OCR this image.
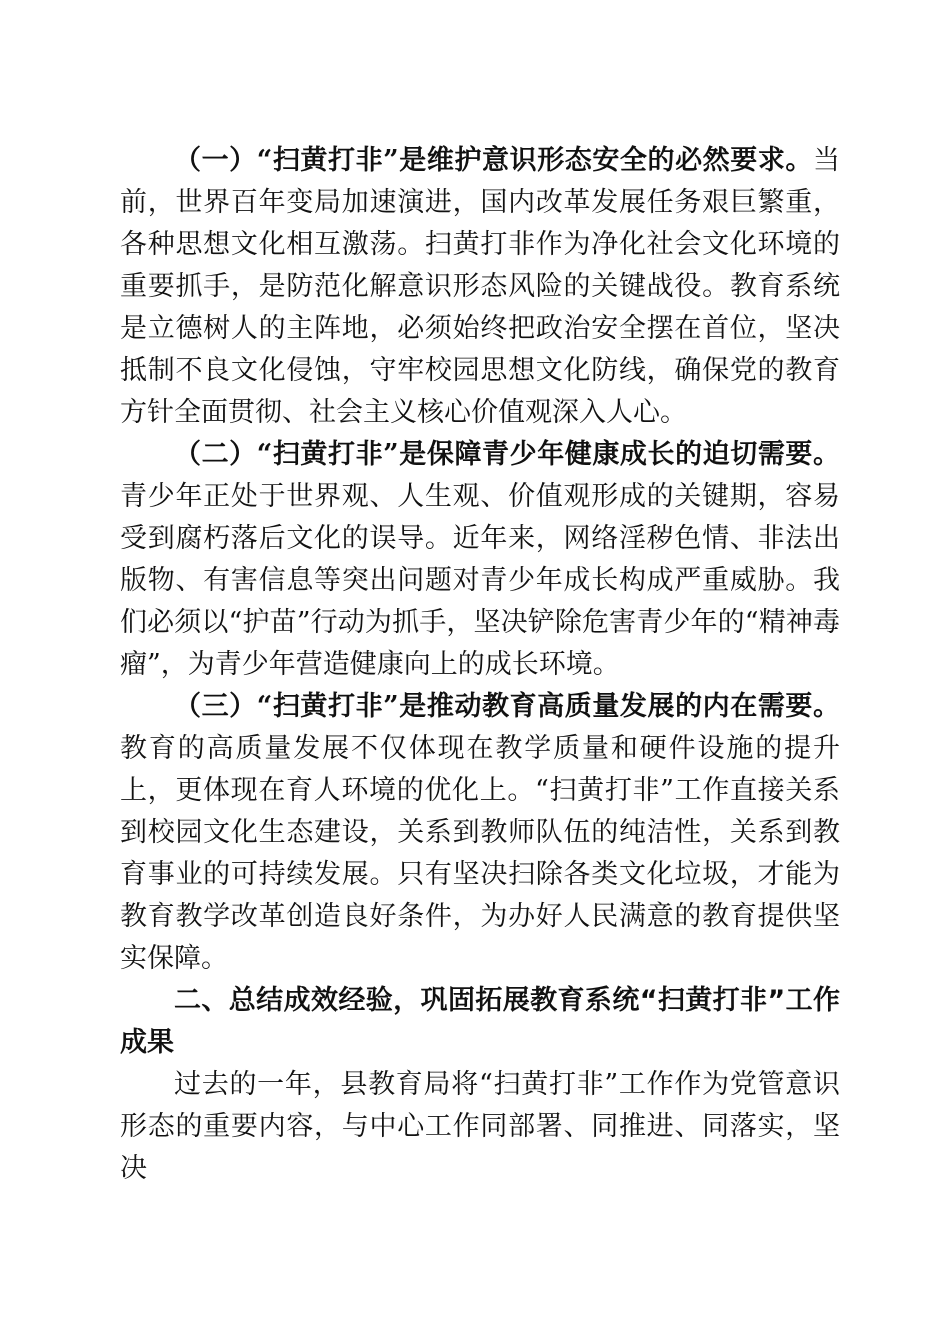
（一）“扫黄打非”是维护意识形态安全的必然要求。当前，世界百年变局加速演进，国内改革发展任务艰巨繁重，各种思想文化相互激荡。扫黄打非作为净化社会文化环境的重要抓手，是防范化解意识形态风险的关键战役。教育系统是立德树人的主阵地，必须始终把政治安全摆在首位，坚决抵制不良文化侵蚀，守牢校园思想文化防线，确保党的教育方针全面贯彻、社会主义核心价值观深入人心。

（二）“扫黄打非”是保障青少年健康成长的迫切需要。青少年正处于世界观、人生观、价值观形成的关键期，容易受到腐朽落后文化的误导。近年来，网络淫秽色情、非法出版物、有害信息等突出问题对青少年成长构成严重威胁。我们必须以“护苗”行动为抓手，坚决铲除危害青少年的“精神毒瘤”，为青少年营造健康向上的成长环境。

（三）“扫黄打非”是推动教育高质量发展的内在需要。教育的高质量发展不仅体现在教学质量和硬件设施的提升上，更体现在育人环境的优化上。“扫黄打非”工作直接关系到校园文化生态建设，关系到教师队伍的纯洁性，关系到教育事业的可持续发展。只有坚决扫除各类文化垃圾，才能为教育教学改革创造良好条件，为办好人民满意的教育提供坚实保障。

二、总结成效经验，巩固拓展教育系统“扫黄打非”工作成果

过去的一年，县教育局将“扫黄打非”工作作为党管意识形态的重要内容，与中心工作同部署、同推进、同落实，坚决
